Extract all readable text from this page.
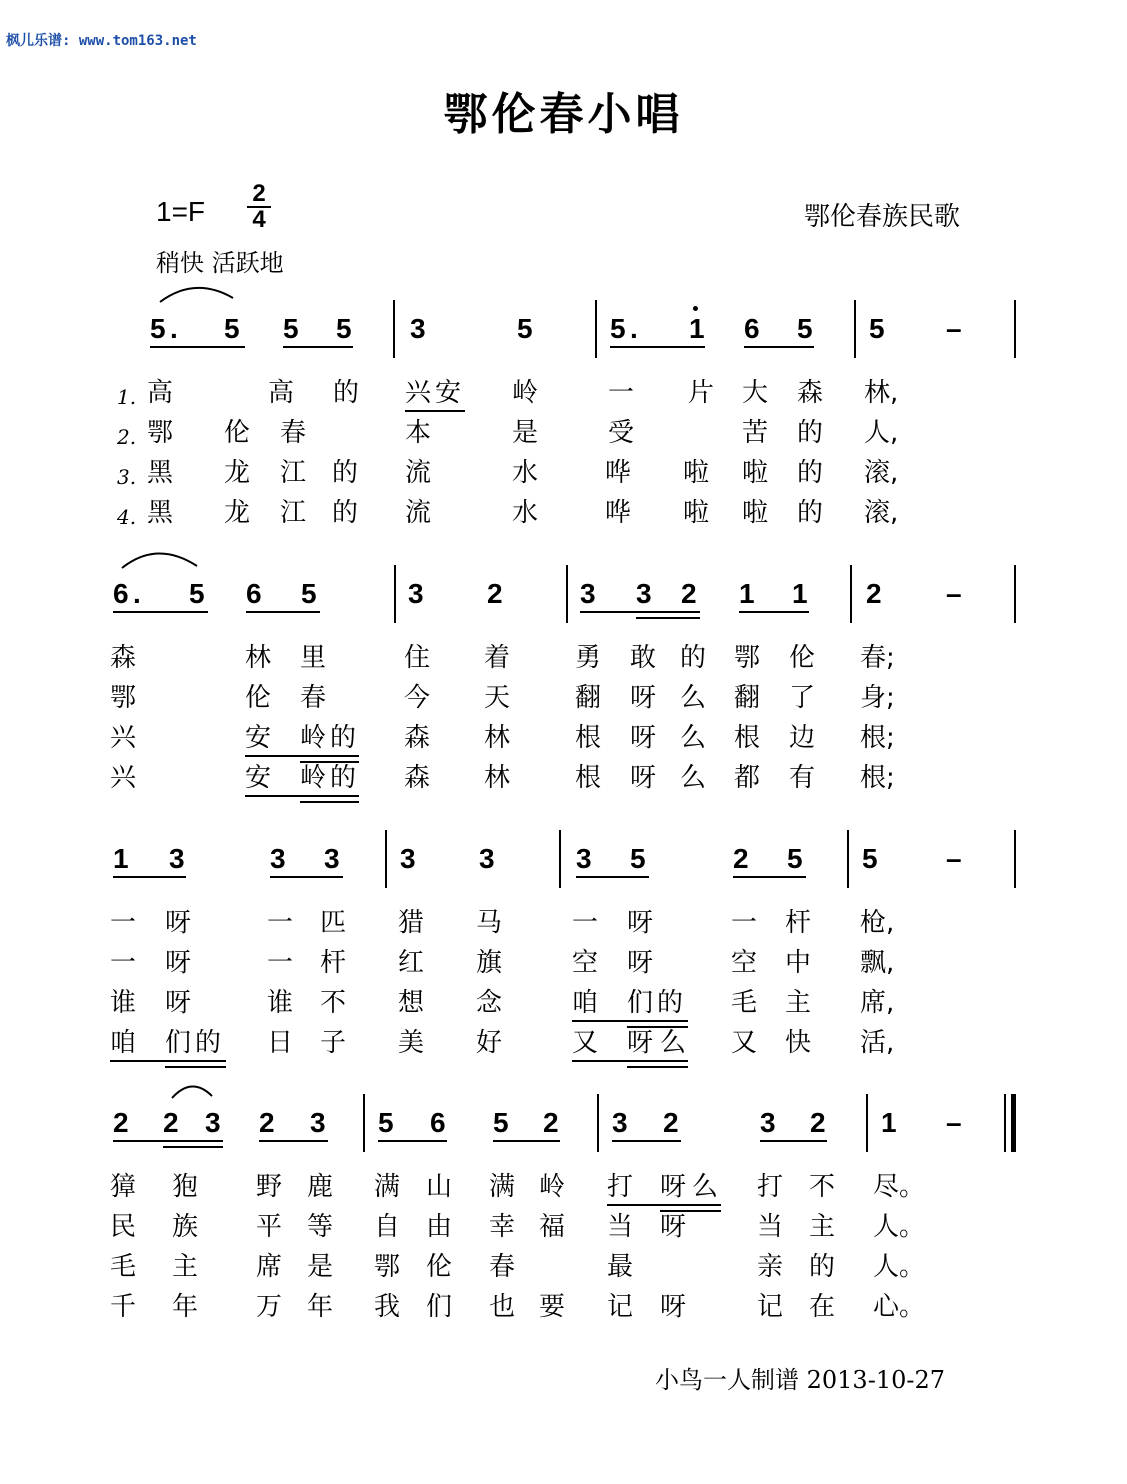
枫儿乐谱: www.tom163.net
鄂伦春小唱
1=F
2
4
稍快 活跃地
鄂伦春族民歌
小鸟一人制谱 2013-10-27
5 . 5 5 5 3	5	5 . 1 6 5 5 –
1.
2.
3.
4.
高	高 的 兴安 岭	一 片 大 森 林,
鄂 伦 春	本	是	受	苦 的 人,
黑 龙 江的 流	水	哗 啦 啦 的 滚,
黑 龙 江的 流	水	哗 啦 啦 的 滚,
6 . 5 6 5	3 2	3 3 2 1 1 2 –
森	林 里	住 着 勇 敢 的 鄂 伦 春;
鄂	伦 春	今 天 翻 呀 么 翻 了 身;
兴	安 岭的 森 林 根 呀 么 根 边 根;
兴	安 岭的 森 林 根 呀 么 都 有 根;
1 3	3 3 3 3	3 5	2 5 5 –
一 呀	一 匹 猎 马	一 呀	一 杆 枪,
一 呀	一 杆 红 旗	空 呀	空 中 飘,
谁 呀	谁 不 想 念	咱 们的 毛 主 席,
咱 们的 日 子 美 好	又 呀 么 又 快 活,
2 2 3 2 3 5 6 5 2 3 2	3 2 1 –
獐 狍 野 鹿 满 山 满 岭 打 呀 么 打 不 尽。
民 族 平 等 自 由 幸 福 当 呀	当 主 人。
毛 主 席 是 鄂 伦 春	最	亲 的 人。
千 年 万 年 我 们 也 要 记 呀	记 在 心。
